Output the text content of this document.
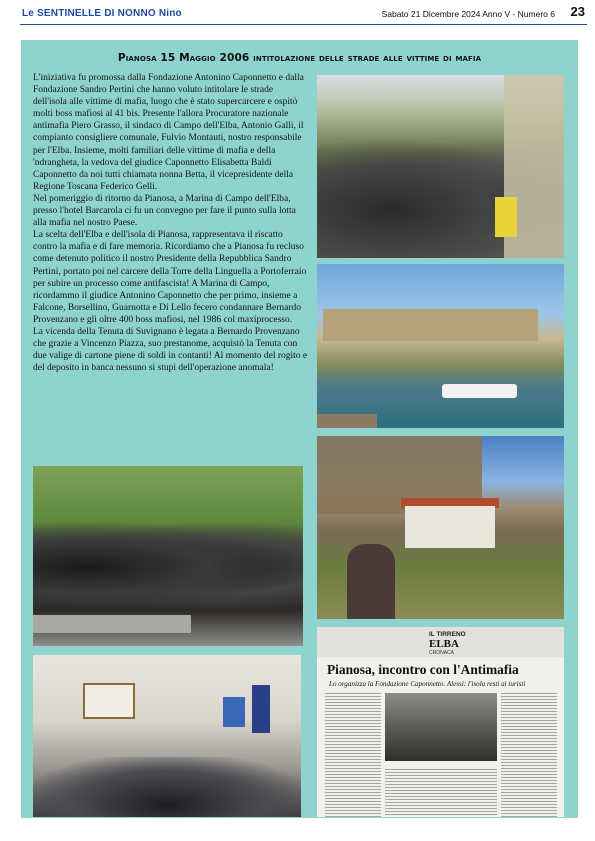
Le SENTINELLE DI NONNO Nino	Sabato 21 Dicembre 2024 Anno V - Numero 6 23
Pianosa 15 Maggio 2006 intitolazione delle strade alle vittime di mafia

L'iniziativa fu promossa dalla Fondazione Antonino Caponnetto e dalla Fondazione Sandro Pertini che hanno voluto intitolare le strade dell'isola alle vittime di mafia, luogo che è stato supercarcere e ospitò molti boss mafiosi al 41 bis. Presente l'allora Procuratore nazionale antimafia Piero Grasso, il sindaco di Campo dell'Elba, Antonio Galli, il compianto consigliere comunale, Fulvio Montauti, nostro responsabile per l'Elba. Insieme, molti familiari delle vittime di mafia e della 'ndrangheta, la vedova del giudice Caponnetto Elisabetta Baldi Caponnetto da noi tutti chiamata nonna Betta, il vicepresidente della Regione Toscana Federico Gelli.

Nel pomeriggio di ritorno da Pianosa, a Marina di Campo dell'Elba, presso l'hotel Barcarola ci fu un convegno per fare il punto sulla lotta alla mafia nel nostro Paese.

La scelta dell'Elba e dell'isola di Pianosa, rappresentava il riscatto contro la mafia e di fare memoria. Ricordiamo che a Pianosa fu recluso come detenuto politico il nostro Presidente della Repubblica Sandro Pertini, portato poi nel carcere della Torre della Linguella a Portoferraio per subire un processo come antifascista! A Marina di Campo, ricordammo il giudice Antonino Caponnetto che per primo, insieme a Falcone, Borsellino, Guarnotta e Di Lello fecero condannare Bernardo Provenzano e gli oltre 400 boss mafiosi, nel 1986 col maxiprocesso.

La vicenda della Tenuta di Suvignano è legata a Bernardo Provenzano che grazie a Vincenzo Piazza, suo prestanome, acquistò la Tenuta con due valige di cartone piene di soldi in contanti! Al momento del rogito e del deposito in banca nessuno si stupì dell'operazione anomala!

IL TIRRENO
ELBA
CRONACA
Pianosa, incontro con l'Antimafia
Lo organizza la Fondazione Caponnetto. Alessi: l'isola resti ai turisti
